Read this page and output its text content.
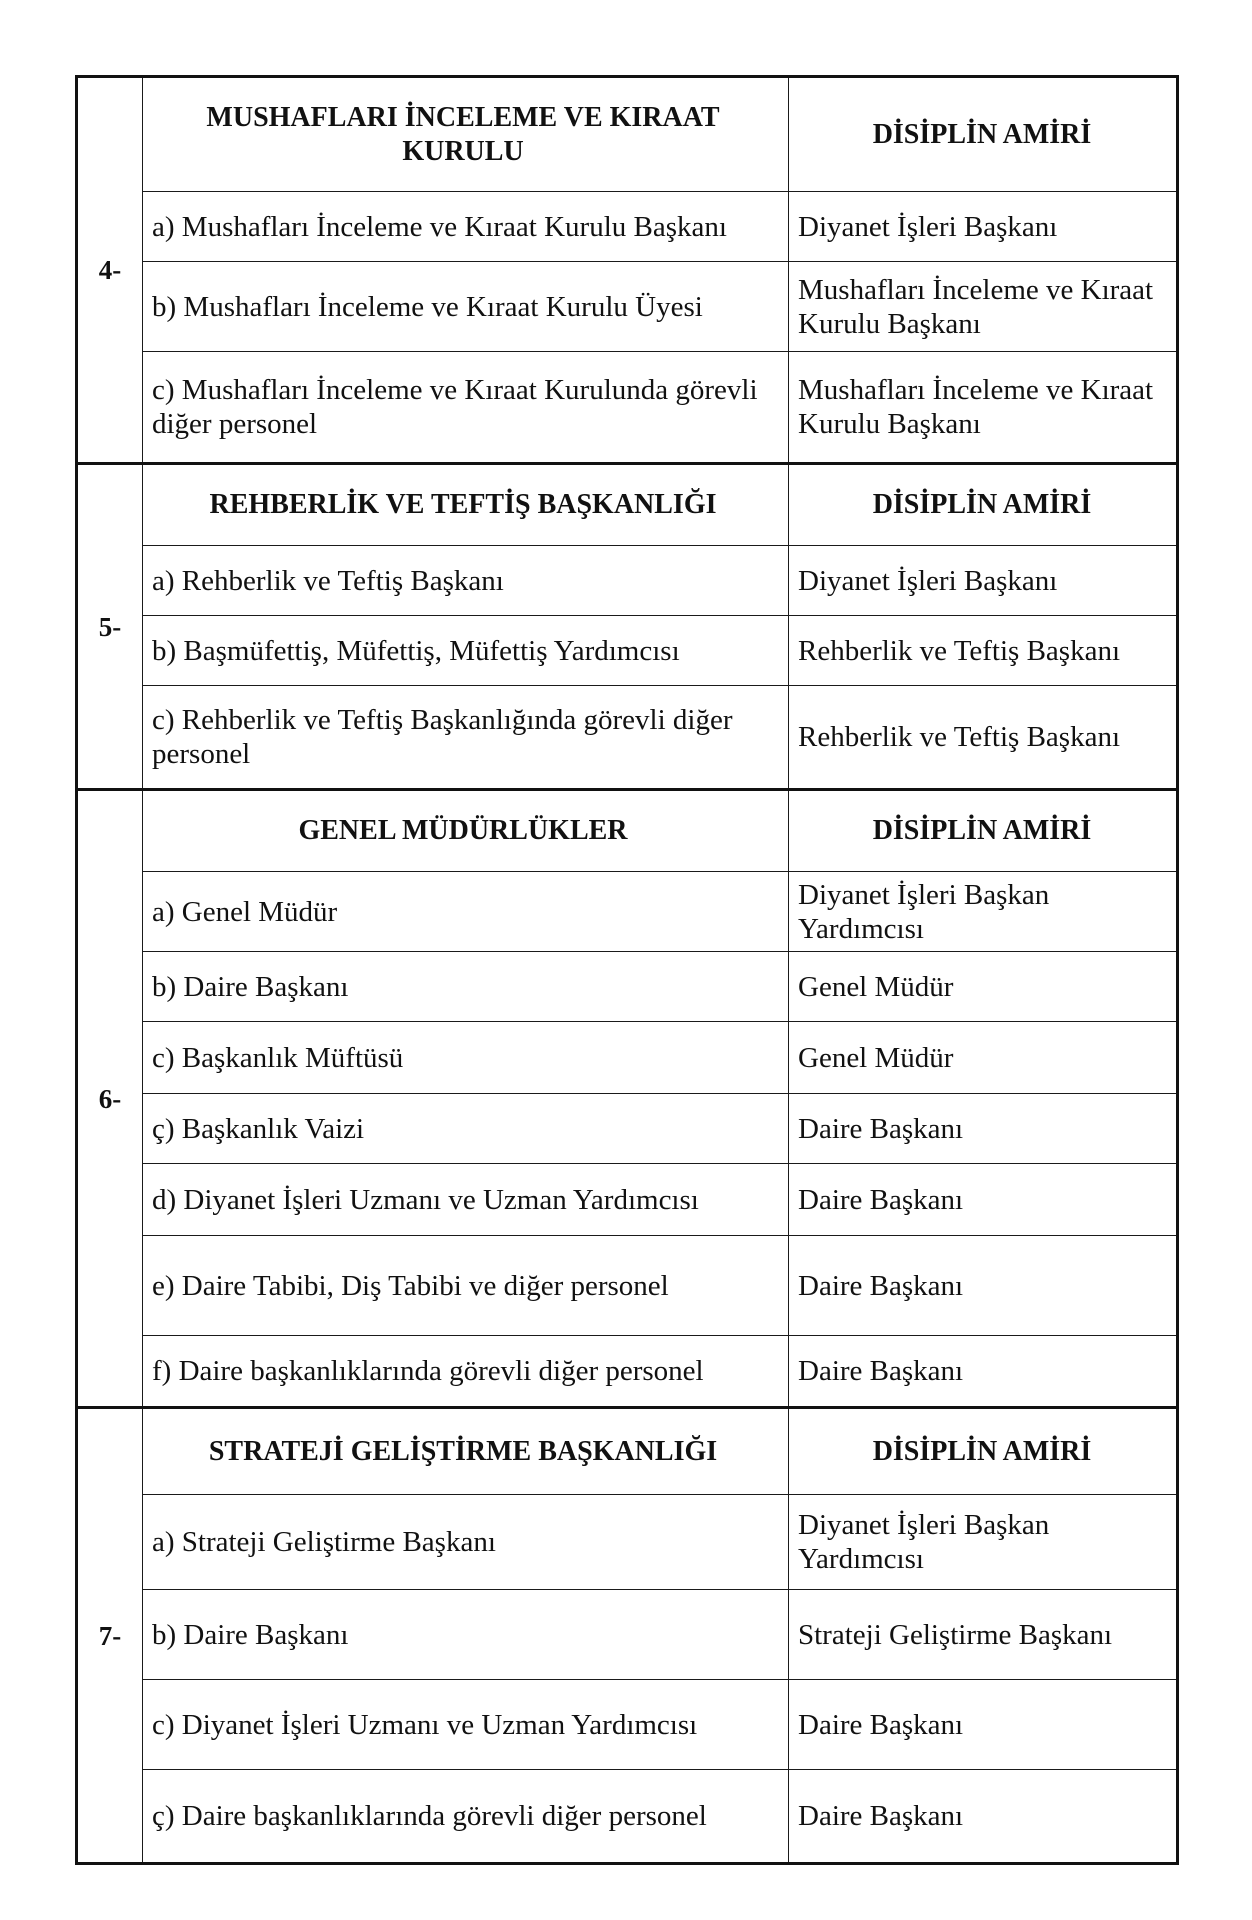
4-	MUSHAFLARI İNCELEME VE KIRAAT KURULU	DİSİPLİN AMİRİ
	a) Mushafları İnceleme ve Kıraat Kurulu Başkanı	Diyanet İşleri Başkanı
	b) Mushafları İnceleme ve Kıraat Kurulu Üyesi	Mushafları İnceleme ve Kıraat Kurulu Başkanı
	c) Mushafları İnceleme ve Kıraat Kurulunda görevli diğer personel	Mushafları İnceleme ve Kıraat Kurulu Başkanı
5-	REHBERLİK VE TEFTİŞ BAŞKANLIĞI	DİSİPLİN AMİRİ
	a) Rehberlik ve Teftiş Başkanı	Diyanet İşleri Başkanı
	b) Başmüfettiş, Müfettiş, Müfettiş Yardımcısı	Rehberlik ve Teftiş Başkanı
	c) Rehberlik ve Teftiş Başkanlığında görevli diğer personel	Rehberlik ve Teftiş Başkanı
6-	GENEL MÜDÜRLÜKLER	DİSİPLİN AMİRİ
	a) Genel Müdür	Diyanet İşleri Başkan Yardımcısı
	b) Daire Başkanı	Genel Müdür
	c) Başkanlık Müftüsü	Genel Müdür
	ç) Başkanlık Vaizi	Daire Başkanı
	d) Diyanet İşleri Uzmanı ve Uzman Yardımcısı	Daire Başkanı
	e) Daire Tabibi, Diş Tabibi ve diğer personel	Daire Başkanı
	f) Daire başkanlıklarında görevli diğer personel	Daire Başkanı
7-	STRATEJİ GELİŞTİRME BAŞKANLIĞI	DİSİPLİN AMİRİ
	a) Strateji Geliştirme Başkanı	Diyanet İşleri Başkan Yardımcısı
	b) Daire Başkanı	Strateji Geliştirme Başkanı
	c) Diyanet İşleri Uzmanı ve Uzman Yardımcısı	Daire Başkanı
	ç) Daire başkanlıklarında görevli diğer personel	Daire Başkanı
